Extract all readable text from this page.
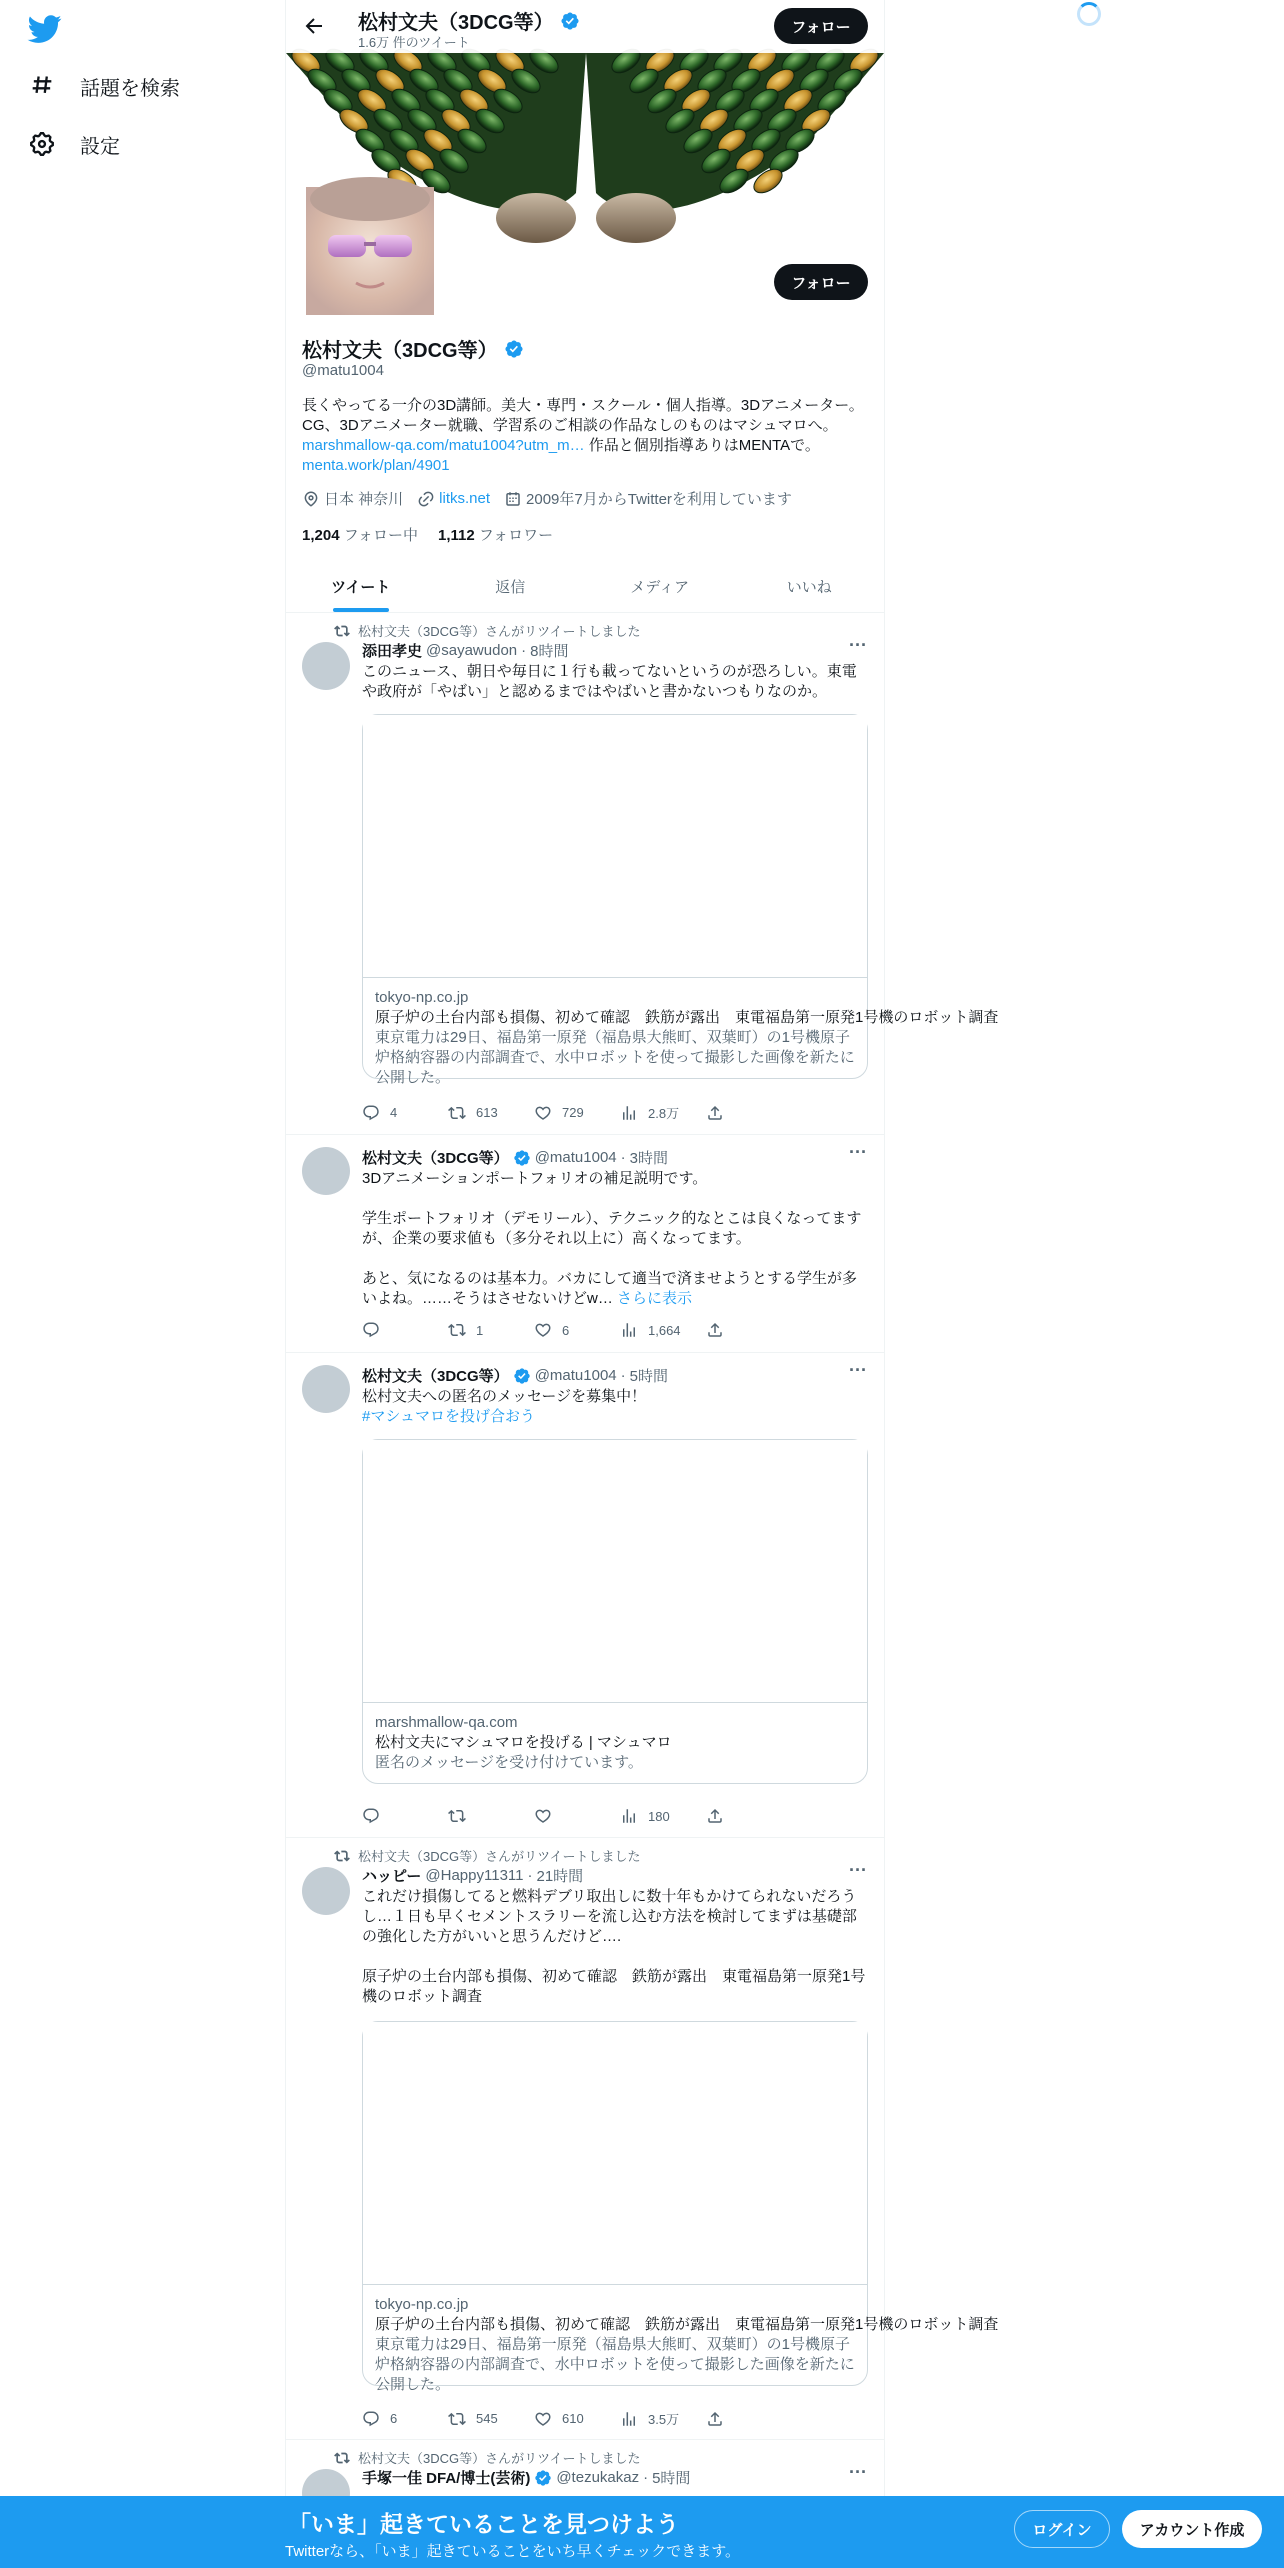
話題を検索
設定
松村文夫（3DCG等）
1.6万 件のツイート
フォロー
フォロー
松村文夫（3DCG等）
@matu1004
長くやってる一介の3D講師。美大・専門・スクール・個人指導。3Dアニメーター。CG、3Dアニメーター就職、学習系のご相談の作品なしのものはマシュマロへ。marshmallow-qa.com/matu1004?utm_m… 作品と個別指導ありはMENTAで。menta.work/plan/4901
日本 神奈川 litks.net 2009年7月からTwitterを利用しています
1,204 フォロー中 1,112 フォロワー
ツイート	返信	メディア	いいね
松村文夫（3DCG等）さんがリツイートしました
添田孝史 @sayawudon · 8時間	···
このニュース、朝日や毎日に１行も載ってないというのが恐ろしい。東電や政府が「やばい」と認めるまではやばいと書かないつもりなのか。
tokyo-np.co.jp
原子炉の土台内部も損傷、初めて確認　鉄筋が露出　東電福島第一原発1号機のロボット調査
東京電力は29日、福島第一原発（福島県大熊町、双葉町）の1号機原子炉格納容器の内部調査で、水中ロボットを使って撮影した画像を新たに公開した。
4	613	729	2.8万
松村文夫（3DCG等） @matu1004 · 3時間	···
3Dアニメーションポートフォリオの補足説明です。

学生ポートフォリオ（デモリール）、テクニック的なとこは良くなってますが、企業の要求値も（多分それ以上に）高くなってます。

あと、気になるのは基本力。バカにして適当で済ませようとする学生が多いよね。……そうはさせないけどw… さらに表示
1	6	1,664
松村文夫（3DCG等） @matu1004 · 5時間	···
松村文夫への匿名のメッセージを募集中！
#マシュマロを投げ合おう
marshmallow-qa.com
松村文夫にマシュマロを投げる | マシュマロ
匿名のメッセージを受け付けています。
180
松村文夫（3DCG等）さんがリツイートしました
ハッピー @Happy11311 · 21時間	···
これだけ損傷してると燃料デブリ取出しに数十年もかけてられないだろうし…１日も早くセメントスラリーを流し込む方法を検討してまずは基礎部の強化した方がいいと思うんだけど….

原子炉の土台内部も損傷、初めて確認　鉄筋が露出　東電福島第一原発1号機のロボット調査
tokyo-np.co.jp
原子炉の土台内部も損傷、初めて確認　鉄筋が露出　東電福島第一原発1号機のロボット調査
東京電力は29日、福島第一原発（福島県大熊町、双葉町）の1号機原子炉格納容器の内部調査で、水中ロボットを使って撮影した画像を新たに公開した。
6	545	610	3.5万
松村文夫（3DCG等）さんがリツイートしました
手塚一佳 DFA/博士(芸術) @tezukakaz · 5時間	···
「いま」起きていることを見つけよう
Twitterなら、「いま」起きていることをいち早くチェックできます。
ログイン	アカウント作成
